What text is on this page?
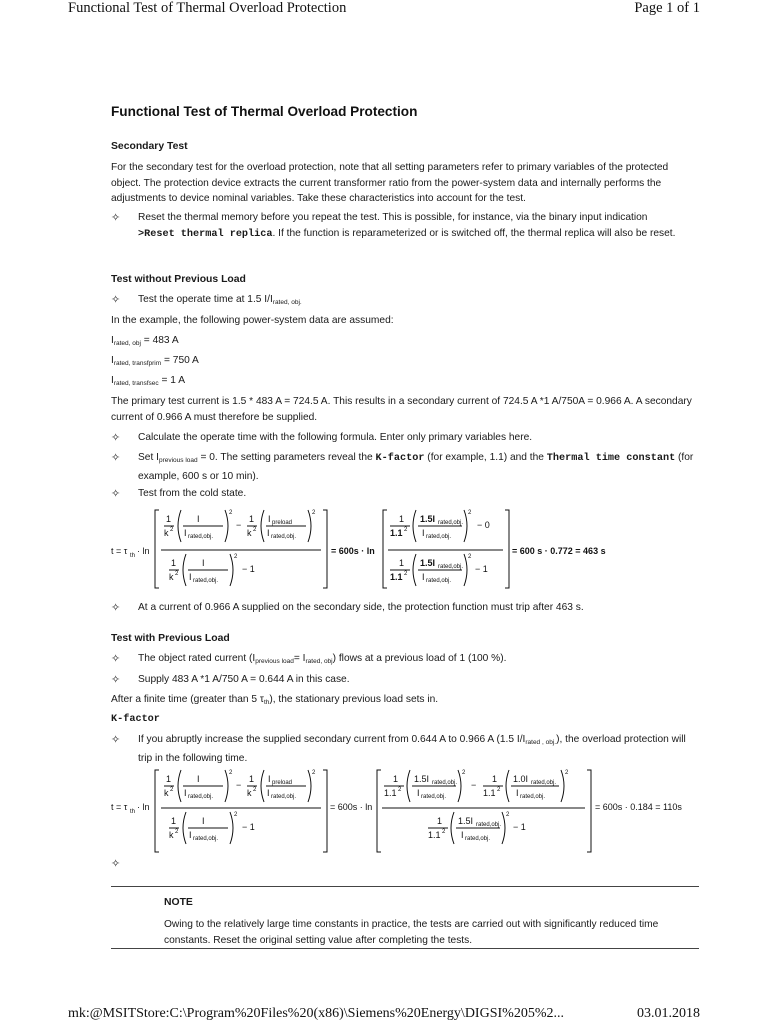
Functional Test of Thermal Overload Protection	Page 1 of 1
Functional Test of Thermal Overload Protection
Secondary Test
For the secondary test for the overload protection, note that all setting parameters refer to primary variables of the protected object. The protection device extracts the current transformer ratio from the power-system data and internally performs the adjustments to device nominal variables. Take these characteristics into account for the test.
✧	Reset the thermal memory before you repeat the test. This is possible, for instance, via the binary input indication
>Reset thermal replica. If the function is reparameterized or is switched off, the thermal replica will also be reset.
Test without Previous Load
✧	Test the operate time at 1.5 $I/I_{rated, obj.}$
In the example, the following power-system data are assumed:
$I_{rated, obj} = 483$ A
$I_{rated, transfprim} = 750$ A
$I_{rated, transfsec} = 1$ A
The primary test current is 1.5 * 483 A = 724.5 A. This results in a secondary current of 724.5 A *1 A/750A = 0.966 A. A secondary current of 0.966 A must therefore be supplied.
✧	Calculate the operate time with the following formula. Enter only primary variables here.
✧	Set $I_{previous load} = 0$. The setting parameters reveal the K-factor (for example, 1.1) and the Thermal time constant (for example, 600 s or 10 min).
✧	Test from the cold state.
t = τ th · ln
1
k 2
I
I rated,obj.
2
−
1
k 2
I preload
I rated,obj.
2
1
k 2
I
I rated,obj.
2
− 1
= 600s · ln
1
1.1 2
1.5I rated,obj.
I rated,obj.
2
− 0
1
1.1 2
1.5I rated,obj.
I rated,obj.
2
− 1
= 600 s · 0.772 = 463 s
✧	At a current of 0.966 A supplied on the secondary side, the protection function must trip after 463 s.
Test with Previous Load
✧	The object rated current $(I_{previous load}= I_{rated, obj})$ flows at a previous load of 1 (100 %).
✧	Supply 483 A *1 A/750 A = 0.644 A in this case.
After a finite time (greater than 5 $\tau_{th}$), the stationary previous load sets in.
K-factor
✧	If you abruptly increase the supplied secondary current from 0.644 A to 0.966 A (1.5 $I/I_{rated , obj.}$), the overload protection will trip in the following time.
t = τ th · ln
1
k 2
I
I rated,obj.
2
−
1
k 2
I preload
I rated,obj.
2
1
k 2
I
I rated,obj.
2
− 1
= 600s · ln
1
1.1 2
1.5I rated,obj.
I rated,obj.
2
−
1
1.1 2
1.0I rated,obj.
I rated,obj.
2
1
1.1 2
1.5I rated,obj.
I rated,obj.
2
− 1
= 600s · 0.184 = 110s
✧
NOTE
Owing to the relatively large time constants in practice, the tests are carried out with significantly reduced time constants. Reset the original setting value after completing the tests.
mk:@MSITStore:C:\Program%20Files%20(x86)\Siemens%20Energy\DIGSI%205%2...	03.01.2018
